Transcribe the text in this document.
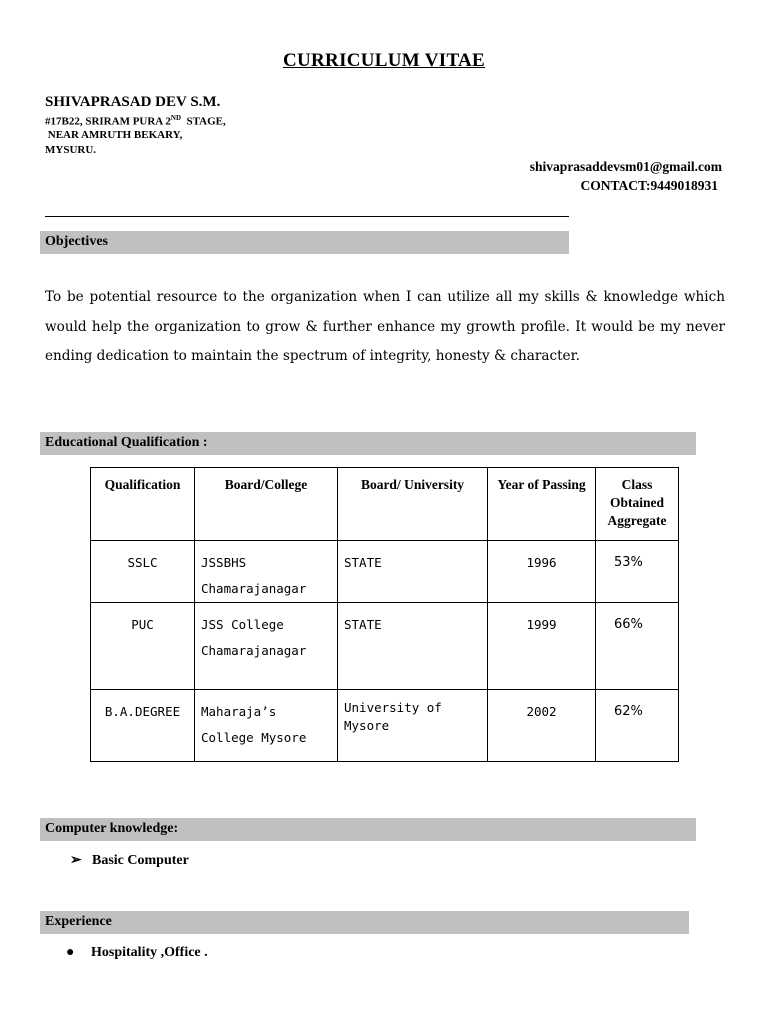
CURRICULUM VITAE
SHIVAPRASAD DEV S.M.
#17B22, SRIRAM PURA 2ND  STAGE,
NEAR AMRUTH BEKARY,
MYSURU.
shivaprasaddevsm01@gmail.com
CONTACT:9449018931
Objectives
To be potential resource to the organization when I can utilize all my skills & knowledge which would help the organization to grow & further enhance my growth profile. It would be my never ending dedication to maintain the spectrum of integrity, honesty & character.
Educational Qualification :
Qualification	Board/College	Board/ University	Year of Passing	Class Obtained Aggregate
SSLC	JSSBHS Chamarajanagar	STATE	1996	53%
PUC	JSS College Chamarajanagar	STATE	1999	66%
B.A.DEGREE	Maharaja’s College Mysore	University of Mysore	2002	62%
Computer knowledge:
➢ Basic Computer
Experience
● Hospitality ,Office .
